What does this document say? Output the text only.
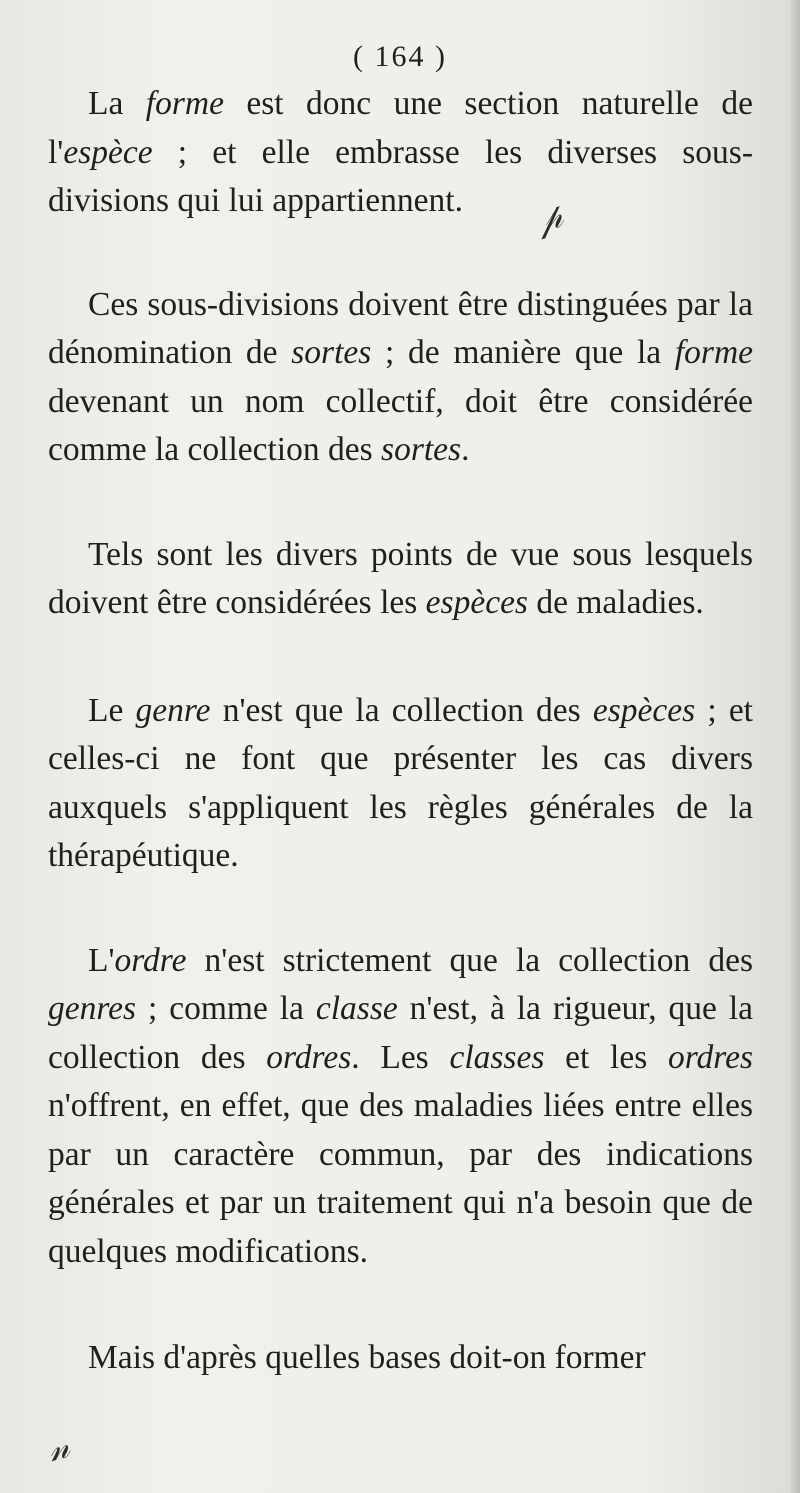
( 164 )

La forme est donc une section naturelle de l'espèce ; et elle embrasse les diverses sous-divisions qui lui appartiennent.

Ces sous-divisions doivent être distinguées par la dénomination de sortes ; de manière que la forme devenant un nom collectif, doit être considérée comme la collection des sortes.

Tels sont les divers points de vue sous lesquels doivent être considérées les espèces de maladies.

Le genre n'est que la collection des espèces ; et celles-ci ne font que présenter les cas divers auxquels s'appliquent les règles générales de la thérapéutique.

L'ordre n'est strictement que la collection des genres ; comme la classe n'est, à la rigueur, que la collection des ordres. Les classes et les ordres n'offrent, en effet, que des maladies liées entre elles par un caractère commun, par des indications générales et par un traitement qui n'a besoin que de quelques modifications.

Mais d'après quelles bases doit-on former

𝓅
𝓃
